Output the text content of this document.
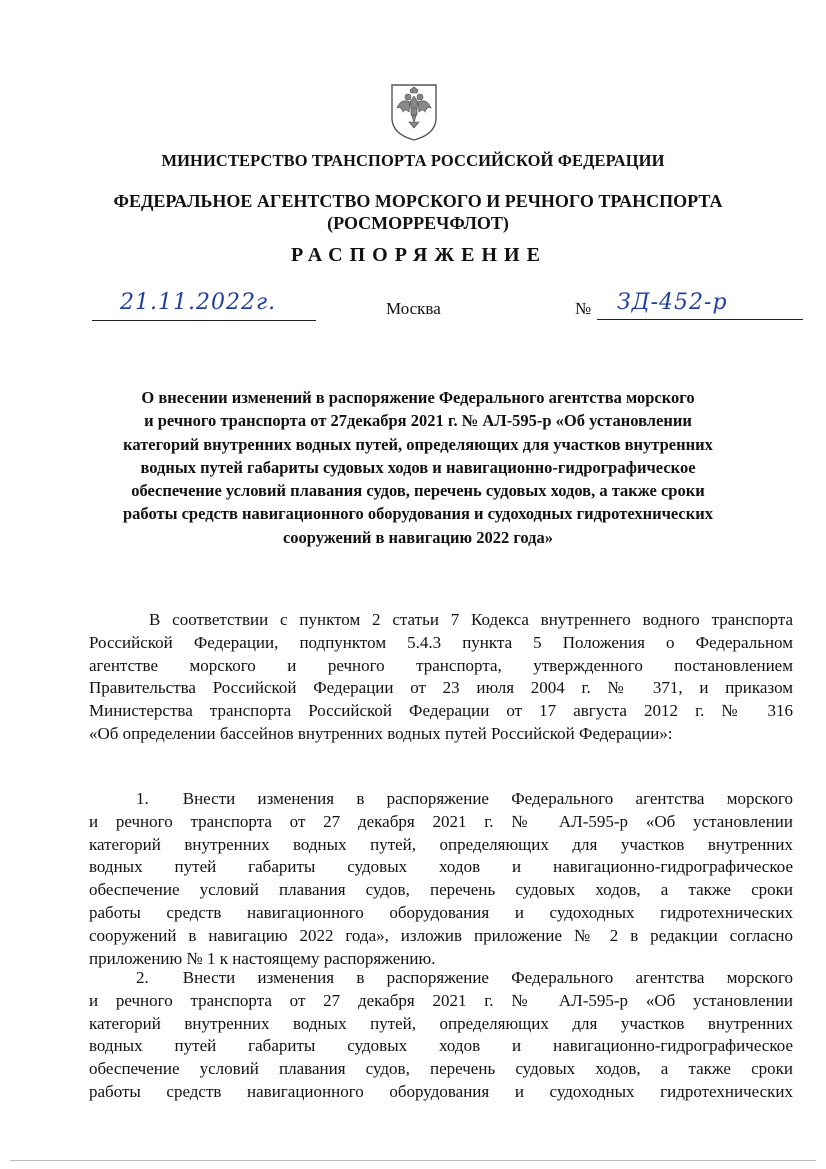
МИНИСТЕРСТВО ТРАНСПОРТА РОССИЙСКОЙ ФЕДЕРАЦИИ
ФЕДЕРАЛЬНОЕ АГЕНТСТВО МОРСКОГО И РЕЧНОГО ТРАНСПОРТА
(РОСМОРРЕЧФЛОТ)
РАСПОРЯЖЕНИЕ
21.11.2022г.	Москва	№ ЗД-452-р
О внесении изменений в распоряжение Федерального агентства морского
и речного транспорта от 27декабря 2021 г. № АЛ-595-р «Об установлении
категорий внутренних водных путей, определяющих для участков внутренних
водных путей габариты судовых ходов и навигационно-гидрографическое
обеспечение условий плавания судов, перечень судовых ходов, а также сроки
работы средств навигационного оборудования и судоходных гидротехнических
сооружений в навигацию 2022 года»
В соответствии с пунктом 2 статьи 7 Кодекса внутреннего водного транспорта
Российской Федерации, подпунктом 5.4.3 пункта 5 Положения о Федеральном
агентстве морского и речного транспорта, утвержденного постановлением
Правительства Российской Федерации от 23 июля 2004 г. № 371, и приказом
Министерства транспорта Российской Федерации от 17 августа 2012 г. № 316
«Об определении бассейнов внутренних водных путей Российской Федерации»:
1.  Внести изменения в распоряжение Федерального агентства морского
и речного транспорта от 27 декабря 2021 г. № АЛ-595-р «Об установлении
категорий внутренних водных путей, определяющих для участков внутренних
водных путей габариты судовых ходов и навигационно-гидрографическое
обеспечение условий плавания судов, перечень судовых ходов, а также сроки
работы средств навигационного оборудования и судоходных гидротехнических
сооружений в навигацию 2022 года», изложив приложение № 2 в редакции согласно
приложению № 1 к настоящему распоряжению.
2.  Внести изменения в распоряжение Федерального агентства морского
и речного транспорта от 27 декабря 2021 г. № АЛ-595-р «Об установлении
категорий внутренних водных путей, определяющих для участков внутренних
водных путей габариты судовых ходов и навигационно-гидрографическое
обеспечение условий плавания судов, перечень судовых ходов, а также сроки
работы средств навигационного оборудования и судоходных гидротехнических
